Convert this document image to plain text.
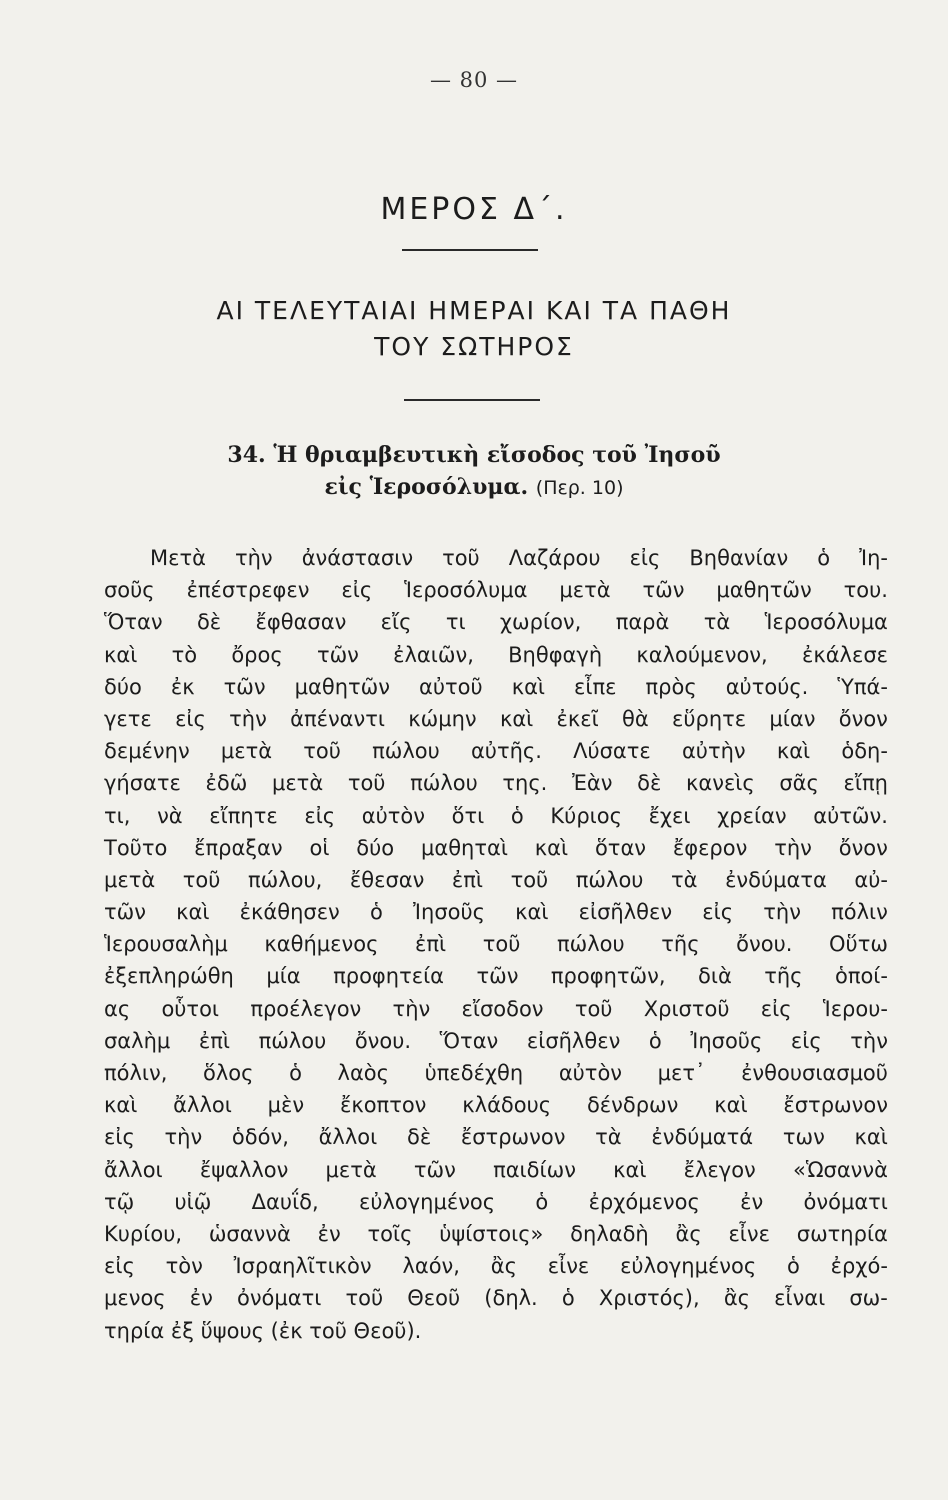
— 80 —
ΜΕΡΟΣ Δ΄.
ΑΙ ΤΕΛΕΥΤΑΙΑΙ ΗΜΕΡΑΙ ΚΑΙ ΤΑ ΠΑΘΗ
ΤΟΥ ΣΩΤΗΡΟΣ
34. Ἡ θριαμβευτικὴ εἴσοδος τοῦ Ἰησοῦ
εἰς Ἱεροσόλυμα. (Περ. 10)
Μετὰ τὴν ἀνάστασιν τοῦ Λαζάρου εἰς Βηθανίαν ὁ Ἰη-
σοῦς ἐπέστρεφεν εἰς Ἱεροσόλυμα μετὰ τῶν μαθητῶν του.
Ὅταν δὲ ἔφθασαν εἴς τι χωρίον, παρὰ τὰ Ἱεροσόλυμα
καὶ τὸ ὄρος τῶν ἐλαιῶν, Βηθφαγὴ καλούμενον, ἐκάλεσε
δύο ἐκ τῶν μαθητῶν αὐτοῦ καὶ εἶπε πρὸς αὐτούς. Ὑπά-
γετε εἰς τὴν ἀπέναντι κώμην καὶ ἐκεῖ θὰ εὕρητε μίαν ὄνον
δεμένην μετὰ τοῦ πώλου αὐτῆς. Λύσατε αὐτὴν καὶ ὁδη-
γήσατε ἐδῶ μετὰ τοῦ πώλου της. Ἐὰν δὲ κανεὶς σᾶς εἴπῃ
τι, νὰ εἴπητε εἰς αὐτὸν ὅτι ὁ Κύριος ἔχει χρείαν αὐτῶν.
Τοῦτο ἔπραξαν οἱ δύο μαθηταὶ καὶ ὅταν ἔφερον τὴν ὄνον
μετὰ τοῦ πώλου, ἔθεσαν ἐπὶ τοῦ πώλου τὰ ἐνδύματα αὐ-
τῶν καὶ ἐκάθησεν ὁ Ἰησοῦς καὶ εἰσῆλθεν εἰς τὴν πόλιν
Ἱερουσαλὴμ καθήμενος ἐπὶ τοῦ πώλου τῆς ὄνου. Οὕτω
ἐξεπληρώθη μία προφητεία τῶν προφητῶν, διὰ τῆς ὁποί-
ας οὗτοι προέλεγον τὴν εἴσοδον τοῦ Χριστοῦ εἰς Ἱερου-
σαλὴμ ἐπὶ πώλου ὄνου. Ὅταν εἰσῆλθεν ὁ Ἰησοῦς εἰς τὴν
πόλιν, ὅλος ὁ λαὸς ὑπεδέχθη αὐτὸν μετ᾽ ἐνθουσιασμοῦ
καὶ ἄλλοι μὲν ἔκοπτον κλάδους δένδρων καὶ ἔστρωνον
εἰς τὴν ὁδόν, ἄλλοι δὲ ἔστρωνον τὰ ἐνδύματά των καὶ
ἄλλοι ἔψαλλον μετὰ τῶν παιδίων καὶ ἔλεγον «Ὡσαννὰ
τῷ υἱῷ Δαυΐδ, εὐλογημένος ὁ ἐρχόμενος ἐν ὀνόματι
Κυρίου, ὡσαννὰ ἐν τοῖς ὑψίστοις» δηλαδὴ ἂς εἶνε σωτηρία
εἰς τὸν Ἰσραηλῖτικὸν λαόν, ἂς εἶνε εὐλογημένος ὁ ἐρχό-
μενος ἐν ὀνόματι τοῦ Θεοῦ (δηλ. ὁ Χριστός), ἂς εἶναι σω-
τηρία ἐξ ὕψους (ἐκ τοῦ Θεοῦ).
